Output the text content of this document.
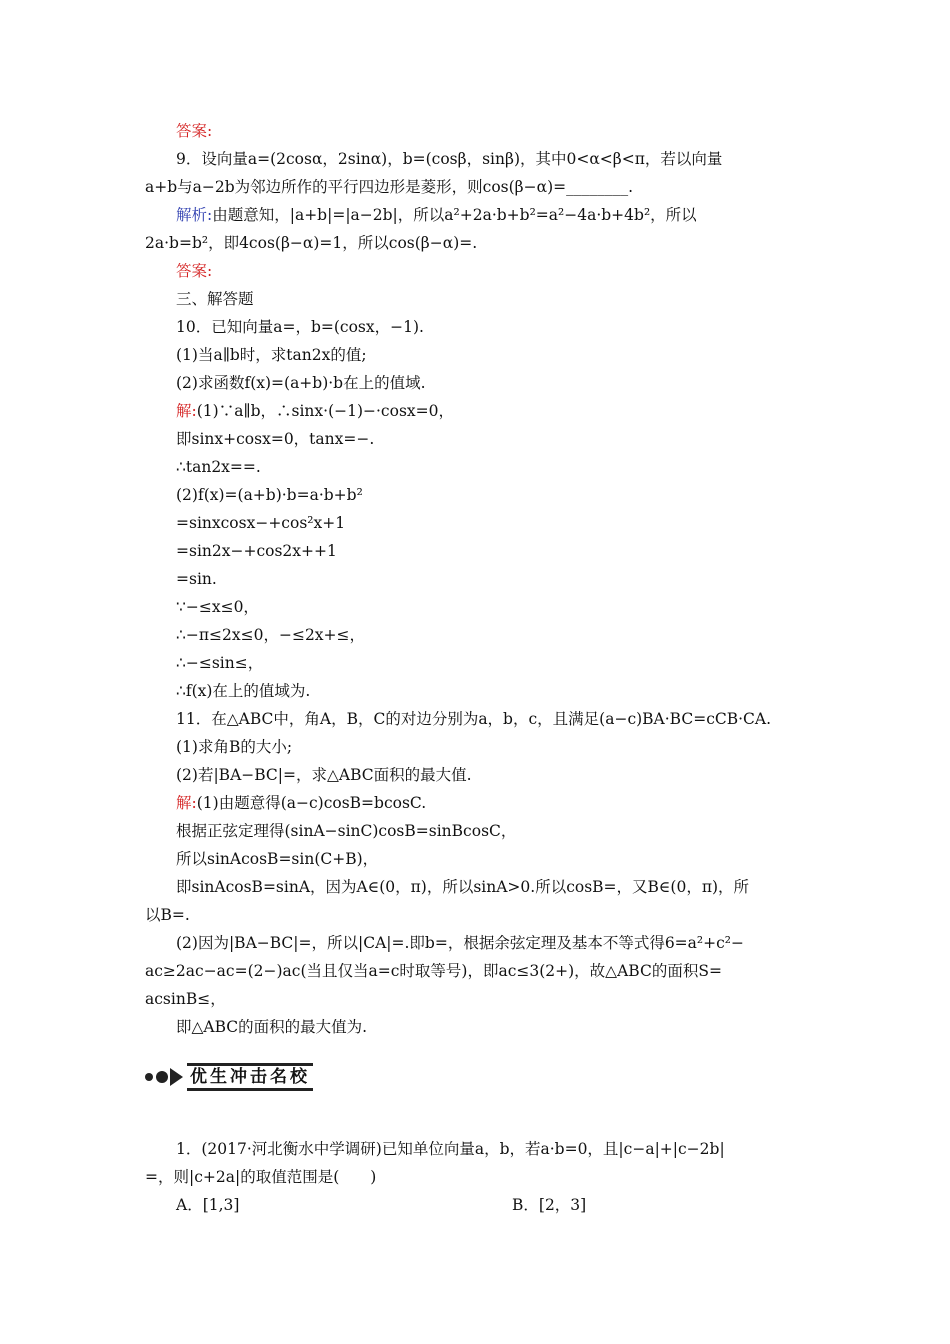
答案:
9．设向量a=(2cosα，2sinα)，b=(cosβ，sinβ)，其中0<α<β<π，若以向量
a+b与a−2b为邻边所作的平行四边形是菱形，则cos(β−α)=________.
解析:由题意知，|a+b|=|a−2b|，所以a²+2a·b+b²=a²−4a·b+4b²，所以
2a·b=b²，即4cos(β−α)=1，所以cos(β−α)=.
答案:
三、解答题
10．已知向量a=，b=(cosx，−1).
(1)当a∥b时，求tan2x的值;
(2)求函数f(x)=(a+b)·b在上的值域.
解:(1)∵a∥b，∴sinx·(−1)−·cosx=0，
即sinx+cosx=0，tanx=−.
∴tan2x==.
(2)f(x)=(a+b)·b=a·b+b²
=sinxcosx−+cos²x+1
=sin2x−+cos2x++1
=sin.
∵−≤x≤0，
∴−π≤2x≤0，−≤2x+≤，
∴−≤sin≤，
∴f(x)在上的值域为.
11．在△ABC中，角A，B，C的对边分别为a，b，c，且满足(a−c)BA·BC=cCB·CA.
(1)求角B的大小;
(2)若|BA−BC|=，求△ABC面积的最大值.
解:(1)由题意得(a−c)cosB=bcosC.
根据正弦定理得(sinA−sinC)cosB=sinBcosC，
所以sinAcosB=sin(C+B)，
即sinAcosB=sinA，因为A∈(0，π)，所以sinA>0.所以cosB=，又B∈(0，π)，所
以B=.
(2)因为|BA−BC|=，所以|CA|=.即b=，根据余弦定理及基本不等式得6=a²+c²−
ac≥2ac−ac=(2−)ac(当且仅当a=c时取等号)，即ac≤3(2+)，故△ABC的面积S=
acsinB≤，
即△ABC的面积的最大值为.
1．(2017·河北衡水中学调研)已知单位向量a，b，若a·b=0，且|c−a|+|c−2b|
=，则|c+2a|的取值范围是(　　)
A．[1,3]	B．[2，3]
优生冲击名校
